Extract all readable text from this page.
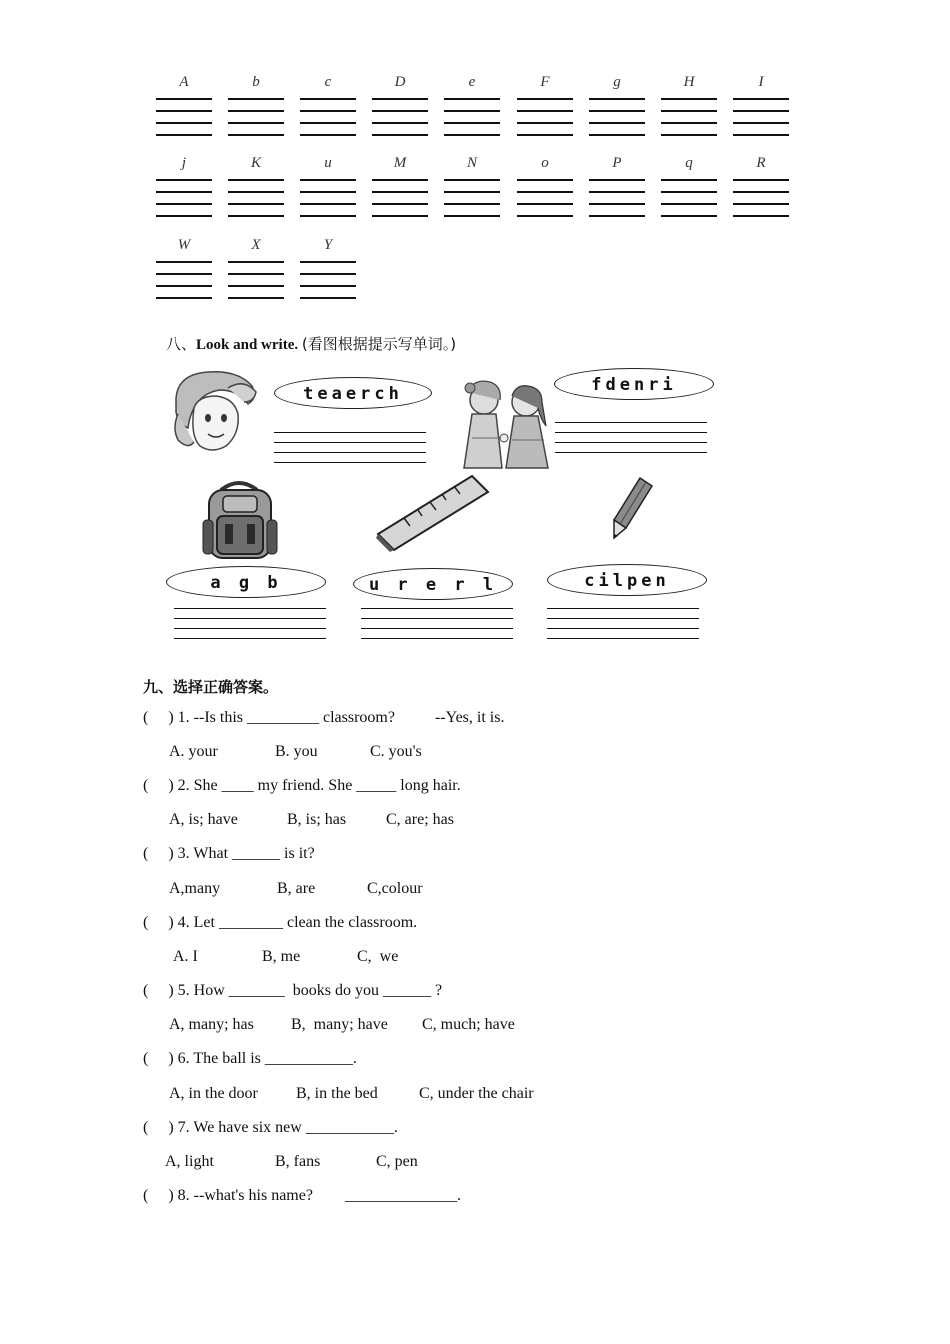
A	b	c	D	e	F	g	H	I
j	K	u	M	N	o	P	q	R
W	X	Y
八、Look and write. (看图根据提示写单词。)
teaerch	fdenri
a g b	u r e r l	cilpen
九、选择正确答案。
(     ) 1. --Is this _________ classroom?          --Yes, it is.
A. your	B. you	C. you's
(     ) 2. She ____ my friend. She _____ long hair.
A, is; have	B, is; has C, are; has
(     ) 3. What ______ is it?
A,many	B, are	C,colour
(     ) 4. Let ________ clean the classroom.
A. I	B, me	C,  we
(     ) 5. How _______  books do you ______ ?
A, many; has B,  many; have C, much; have
(     ) 6. The ball is ___________.
A, in the door B, in the bed	C, under the chair
(     ) 7. We have six new ___________.
A, light	B, fans	C, pen
(     ) 8. --what's his name?        ______________.
